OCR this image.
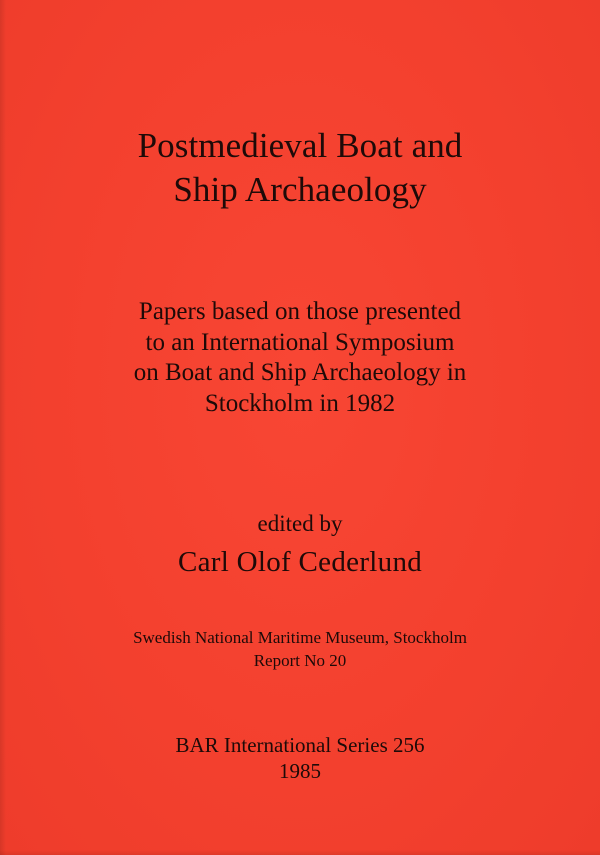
Postmedieval Boat and
Ship Archaeology
Papers based on those presented
to an International Symposium
on Boat and Ship Archaeology in
Stockholm in 1982
edited by
Carl Olof Cederlund
Swedish National Maritime Museum, Stockholm
Report No 20
BAR International Series 256
1985
